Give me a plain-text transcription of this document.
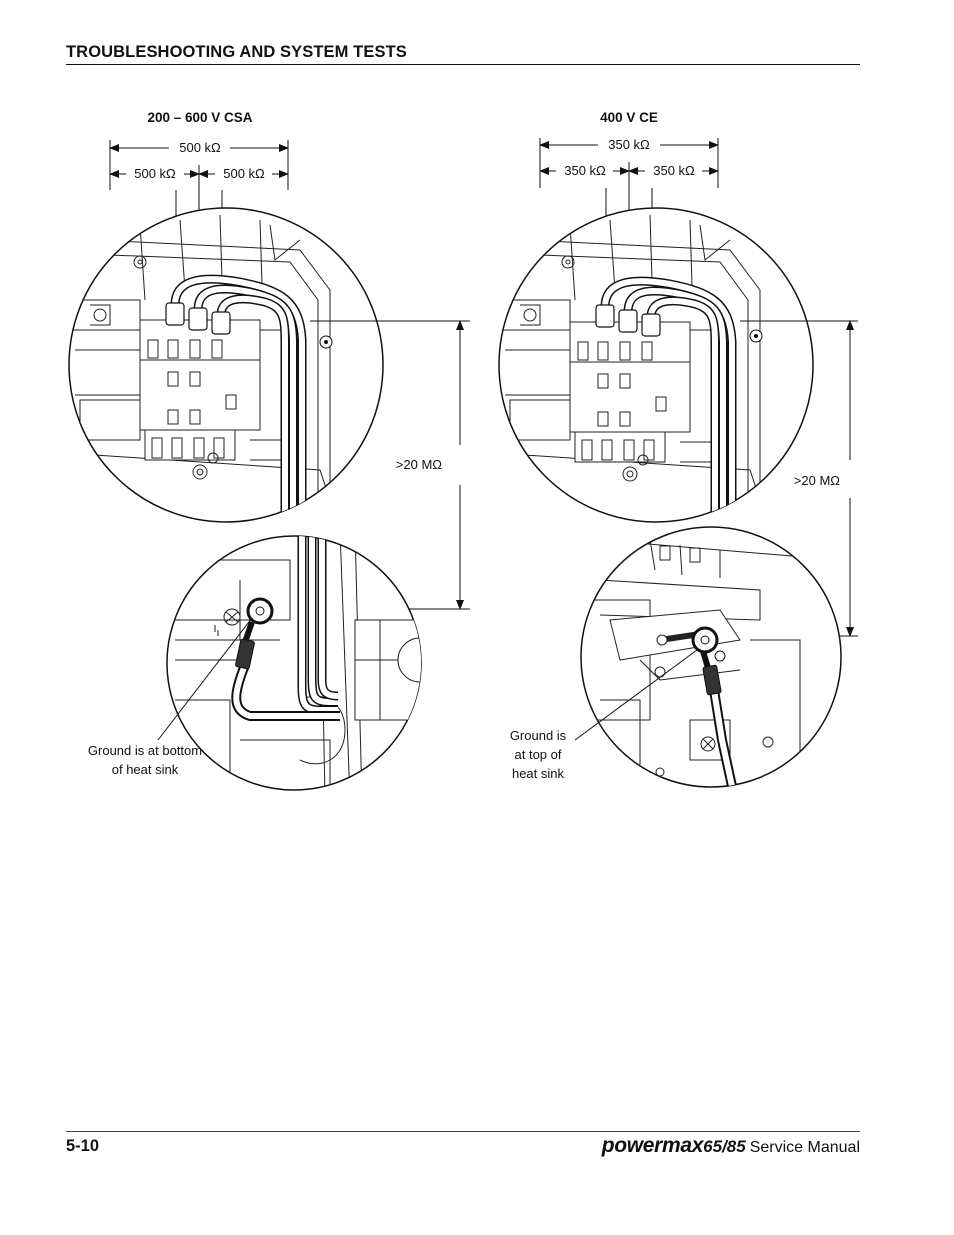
TROUBLESHOOTING AND SYSTEM TESTS
200 – 600 V CSA
500 kΩ
500 kΩ	500 kΩ
>20 MΩ
Ground is at bottom
of heat sink
400 V CE
350 kΩ
350 kΩ	350 kΩ
>20 MΩ
Ground is
at top of
heat sink
5-10	powermax65/85 Service Manual
